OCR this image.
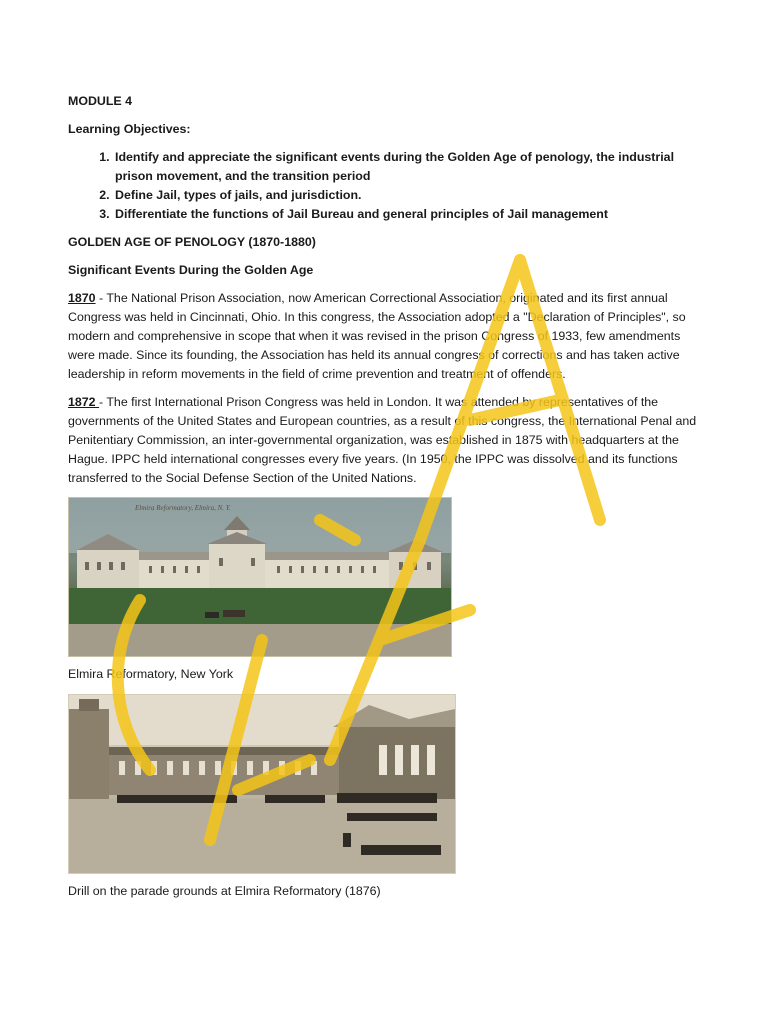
MODULE 4

Learning Objectives:

1. Identify and appreciate the significant events during the Golden Age of penology, the industrial prison movement, and the transition period
2. Define Jail, types of jails, and jurisdiction.
3. Differentiate the functions of Jail Bureau and general principles of Jail management

GOLDEN AGE OF PENOLOGY (1870-1880)

Significant Events During the Golden Age

1870 - The National Prison Association, now American Correctional Association, originated and its first annual Congress was held in Cincinnati, Ohio. In this congress, the Association adopted a "Declaration of Principles", so modern and comprehensive in scope that when it was revised in the prison Congress of 1933, few amendments were made. Since its founding, the Association has held its annual congress of corrections and has taken active leadership in reform movements in the field of crime prevention and treatment of offenders.

1872 - The first International Prison Congress was held in London. It was attended by representatives of the governments of the United States and European countries, as a result of this congress, the International Penal and Penitentiary Commission, an inter-governmental organization, was established in 1875 with headquarters at the Hague. IPPC held international congresses every five years. (In 1950, the IPPC was dissolved and its functions transferred to the Social Defense Section of the United Nations.

Elmira Reformatory, Elmira, N. Y.

Elmira Reformatory, New York

Drill on the parade grounds at Elmira Reformatory (1876)
